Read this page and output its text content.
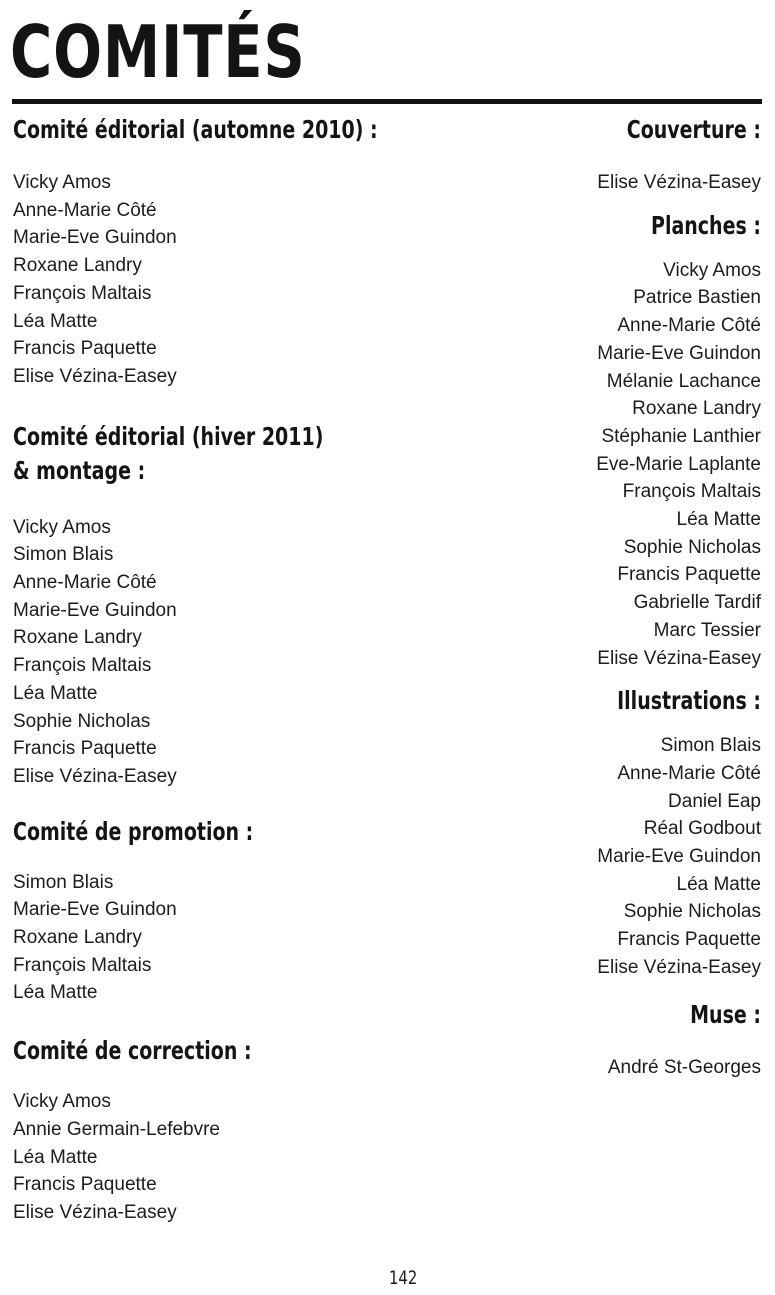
COMITÉS
Comité éditorial (automne 2010) :
Vicky Amos
Anne-Marie Côté
Marie-Eve Guindon
Roxane Landry
François Maltais
Léa Matte
Francis Paquette
Elise Vézina-Easey
Comité éditorial (hiver 2011)
& montage :
Vicky Amos
Simon Blais
Anne-Marie Côté
Marie-Eve Guindon
Roxane Landry
François Maltais
Léa Matte
Sophie Nicholas
Francis Paquette
Elise Vézina-Easey
Comité de promotion :
Simon Blais
Marie-Eve Guindon
Roxane Landry
François Maltais
Léa Matte
Comité de correction :
Vicky Amos
Annie Germain-Lefebvre
Léa Matte
Francis Paquette
Elise Vézina-Easey
Couverture :
Elise Vézina-Easey
Planches :
Vicky Amos
Patrice Bastien
Anne-Marie Côté
Marie-Eve Guindon
Mélanie Lachance
Roxane Landry
Stéphanie Lanthier
Eve-Marie Laplante
François Maltais
Léa Matte
Sophie Nicholas
Francis Paquette
Gabrielle Tardif
Marc Tessier
Elise Vézina-Easey
Illustrations :
Simon Blais
Anne-Marie Côté
Daniel Eap
Réal Godbout
Marie-Eve Guindon
Léa Matte
Sophie Nicholas
Francis Paquette
Elise Vézina-Easey
Muse :
André St-Georges
142
